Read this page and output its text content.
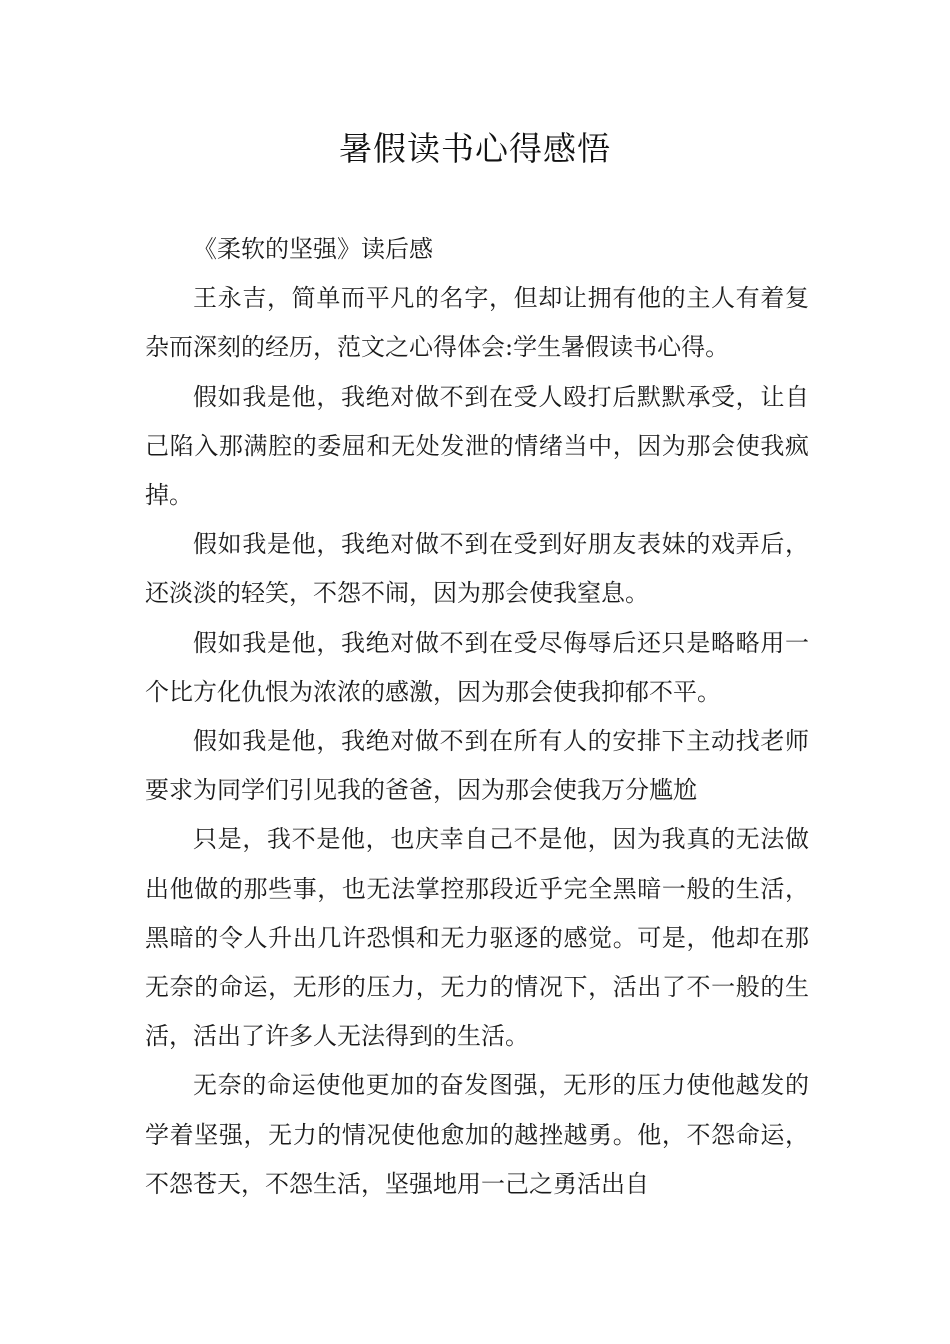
暑假读书心得感悟

《柔软的坚强》读后感

王永吉，简单而平凡的名字，但却让拥有他的主人有着复杂而深刻的经历，范文之心得体会:学生暑假读书心得。

假如我是他，我绝对做不到在受人殴打后默默承受，让自己陷入那满腔的委屈和无处发泄的情绪当中，因为那会使我疯掉。

假如我是他，我绝对做不到在受到好朋友表妹的戏弄后，还淡淡的轻笑，不怨不闹，因为那会使我窒息。

假如我是他，我绝对做不到在受尽侮辱后还只是略略用一个比方化仇恨为浓浓的感激，因为那会使我抑郁不平。

假如我是他，我绝对做不到在所有人的安排下主动找老师要求为同学们引见我的爸爸，因为那会使我万分尴尬

只是，我不是他，也庆幸自己不是他，因为我真的无法做出他做的那些事，也无法掌控那段近乎完全黑暗一般的生活，黑暗的令人升出几许恐惧和无力驱逐的感觉。可是，他却在那无奈的命运，无形的压力，无力的情况下，活出了不一般的生活，活出了许多人无法得到的生活。

无奈的命运使他更加的奋发图强，无形的压力使他越发的学着坚强，无力的情况使他愈加的越挫越勇。他，不怨命运，不怨苍天，不怨生活，坚强地用一己之勇活出自
